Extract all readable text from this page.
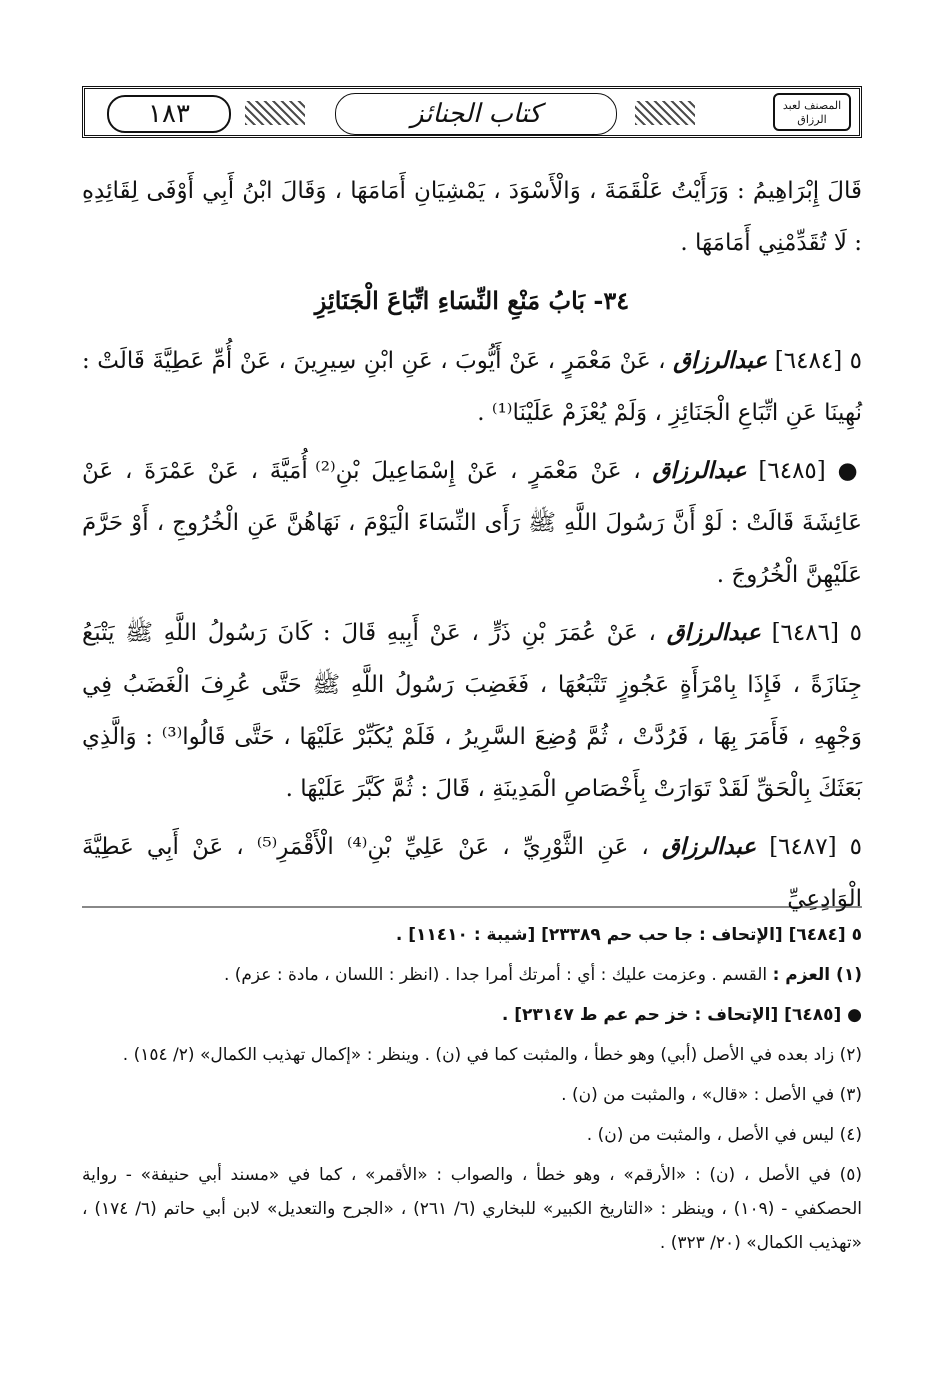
١٨٣	كتاب الجنائز	المصنف لعبد الرزاق

قَالَ إِبْرَاهِيمُ : وَرَأَيْتُ عَلْقَمَةَ ، وَالْأَسْوَدَ ، يَمْشِيَانِ أَمَامَهَا ، وَقَالَ ابْنُ أَبِي أَوْفَى لِقَائِدِهِ : لَا تُقَدِّمْنِي أَمَامَهَا .

٣٤- بَابُ مَنْعِ النِّسَاءِ اتِّبَاعَ الْجَنَائِزِ

٥ [٦٤٨٤] عبدالرزاق ، عَنْ مَعْمَرٍ ، عَنْ أَيُّوبَ ، عَنِ ابْنِ سِيرِينَ ، عَنْ أُمِّ عَطِيَّةَ قَالَتْ : نُهِينَا عَنِ اتِّبَاعِ الْجَنَائِزِ ، وَلَمْ يُعْزَمْ عَلَيْنَا⁽¹⁾ .

● [٦٤٨٥] عبدالرزاق ، عَنْ مَعْمَرٍ ، عَنْ إِسْمَاعِيلَ بْنِ⁽²⁾ أُمَيَّةَ ، عَنْ عَمْرَةَ ، عَنْ عَائِشَةَ قَالَتْ : لَوْ أَنَّ رَسُولَ اللَّهِ ﷺ رَأَى النِّسَاءَ الْيَوْمَ ، نَهَاهُنَّ عَنِ الْخُرُوجِ ، أَوْ حَرَّمَ عَلَيْهِنَّ الْخُرُوجَ .

٥ [٦٤٨٦] عبدالرزاق ، عَنْ عُمَرَ بْنِ ذَرٍّ ، عَنْ أَبِيهِ قَالَ : كَانَ رَسُولُ اللَّهِ ﷺ يَتْبَعُ جِنَازَةً ، فَإِذَا بِامْرَأَةٍ عَجُوزٍ تَتْبَعُهَا ، فَغَضِبَ رَسُولُ اللَّهِ ﷺ حَتَّى عُرِفَ الْغَضَبُ فِي وَجْهِهِ ، فَأَمَرَ بِهَا ، فَرُدَّتْ ، ثُمَّ وُضِعَ السَّرِيرُ ، فَلَمْ يُكَبِّرْ عَلَيْهَا ، حَتَّى قَالُوا⁽³⁾ : وَالَّذِي بَعَثَكَ بِالْحَقِّ لَقَدْ تَوَارَتْ بِأَخْصَاصِ الْمَدِينَةِ ، قَالَ : ثُمَّ كَبَّرَ عَلَيْهَا .

٥ [٦٤٨٧] عبدالرزاق ، عَنِ الثَّوْرِيِّ ، عَنْ عَلِيِّ بْنِ⁽⁴⁾ الْأَقْمَرِ⁽⁵⁾ ، عَنْ أَبِي عَطِيَّةَ الْوَادِعِيِّ

٥ [٦٤٨٤] [الإتحاف : جا حب حم ٢٣٣٨٩] [شيبة : ١١٤١٠] .

(١) العزم : القسم . وعزمت عليك : أي : أمرتك أمرا جدا . (انظر : اللسان ، مادة : عزم) .

● [٦٤٨٥] [الإتحاف : خز حم عم ط ٢٣١٤٧] .

(٢) زاد بعده في الأصل (أبي) وهو خطأ ، والمثبت كما في (ن) . وينظر : «إكمال تهذيب الكمال» (٢/ ١٥٤) .

(٣) في الأصل : «قال» ، والمثبت من (ن) .

(٤) ليس في الأصل ، والمثبت من (ن) .

(٥) في الأصل ، (ن) : «الأرقم» ، وهو خطأ ، والصواب : «الأقمر» ، كما في «مسند أبي حنيفة» - رواية الحصكفي - (١٠٩) ، وينظر : «التاريخ الكبير» للبخاري (٦/ ٢٦١) ، «الجرح والتعديل» لابن أبي حاتم (٦/ ١٧٤) ، «تهذيب الكمال» (٢٠/ ٣٢٣) .
